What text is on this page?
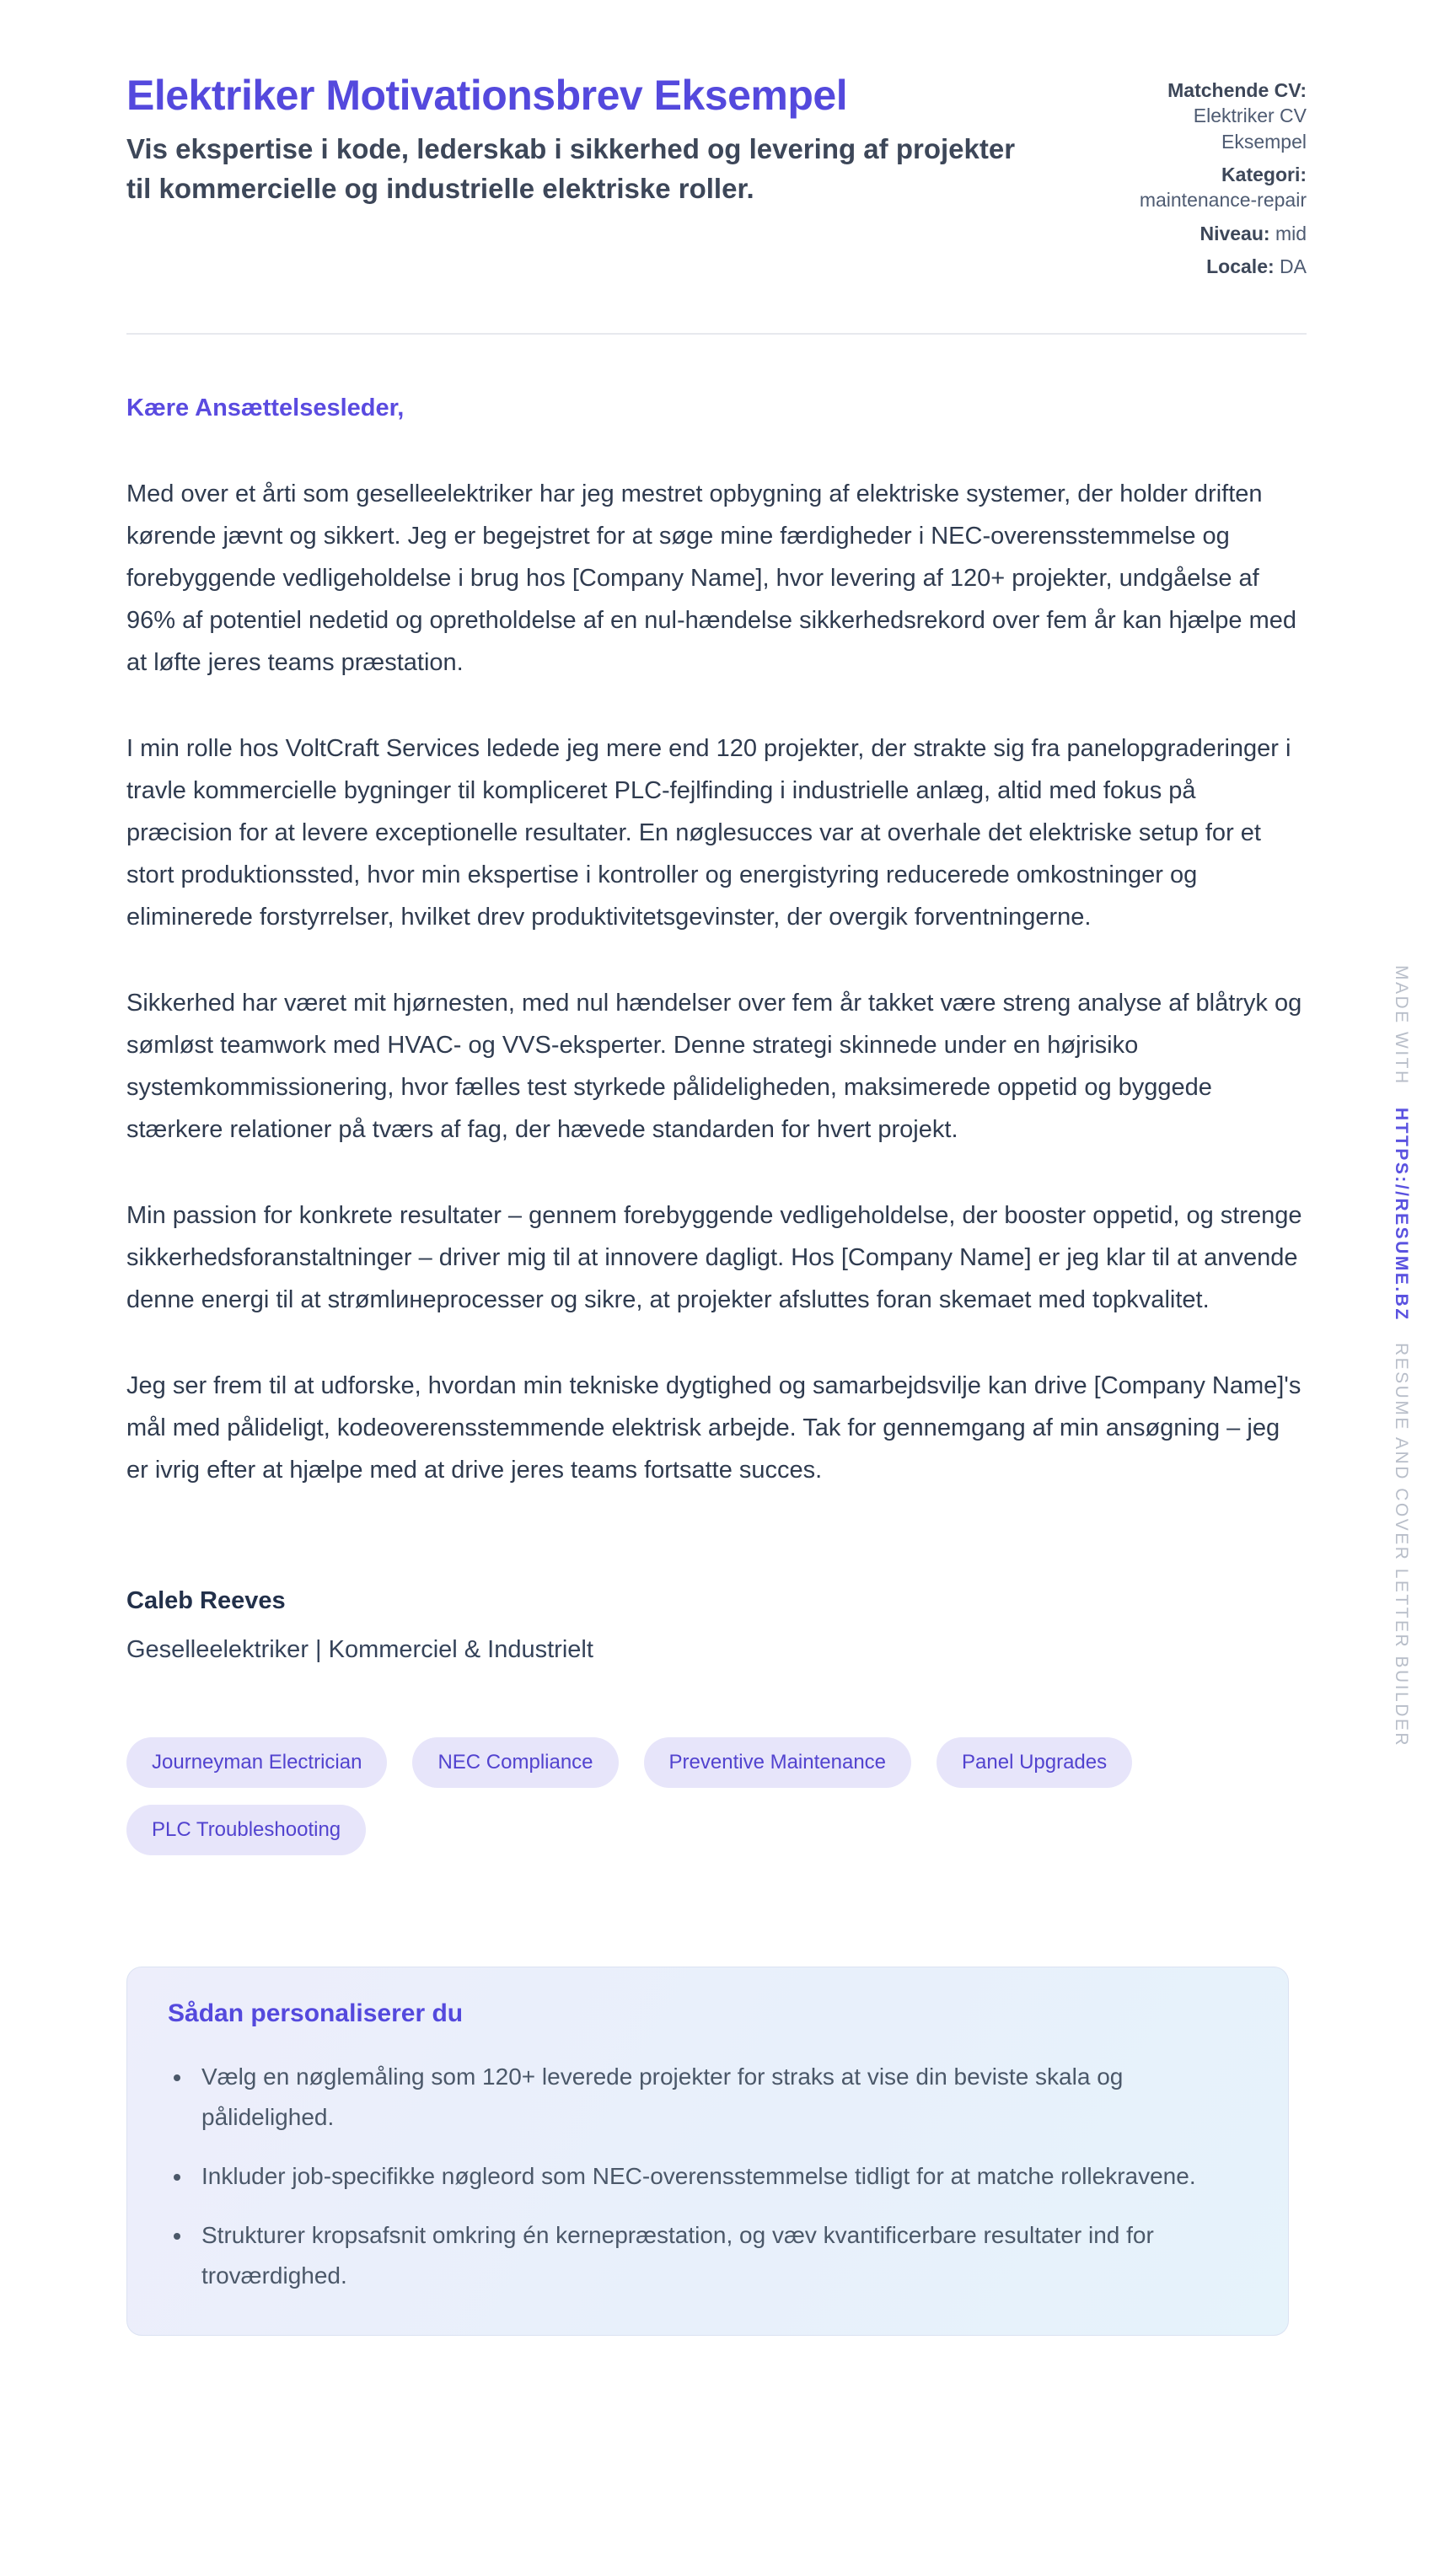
Elektriker Motivationsbrev Eksempel

Vis ekspertise i kode, lederskab i sikkerhed og levering af projekter til kommercielle og industrielle elektriske roller.

Matchende CV: Elektriker CV Eksempel
Kategori: maintenance-repair
Niveau: mid
Locale: DA

Kære Ansættelsesleder,

Med over et årti som geselleelektriker har jeg mestret opbygning af elektriske systemer, der holder driften kørende jævnt og sikkert. Jeg er begejstret for at søge mine færdigheder i NEC-overensstemmelse og forebyggende vedligeholdelse i brug hos [Company Name], hvor levering af 120+ projekter, undgåelse af 96% af potentiel nedetid og opretholdelse af en nul-hændelse sikkerhedsrekord over fem år kan hjælpe med at løfte jeres teams præstation.

I min rolle hos VoltCraft Services ledede jeg mere end 120 projekter, der strakte sig fra panelopgraderinger i travle kommercielle bygninger til kompliceret PLC-fejlfinding i industrielle anlæg, altid med fokus på præcision for at levere exceptionelle resultater. En nøglesucces var at overhale det elektriske setup for et stort produktionssted, hvor min ekspertise i kontroller og energistyring reducerede omkostninger og eliminerede forstyrrelser, hvilket drev produktivitetsgevinster, der overgik forventningerne.

Sikkerhed har været mit hjørnesten, med nul hændelser over fem år takket være streng analyse af blåtryk og sømløst teamwork med HVAC- og VVS-eksperter. Denne strategi skinnede under en højrisiko systemkommissionering, hvor fælles test styrkede pålideligheden, maksimerede oppetid og byggede stærkere relationer på tværs af fag, der hævede standarden for hvert projekt.

Min passion for konkrete resultater – gennem forebyggende vedligeholdelse, der booster oppetid, og strenge sikkerhedsforanstaltninger – driver mig til at innovere dagligt. Hos [Company Name] er jeg klar til at anvende denne energi til at strømlинeprocesser og sikre, at projekter afsluttes foran skemaet med topkvalitet.

Jeg ser frem til at udforske, hvordan min tekniske dygtighed og samarbejdsvilje kan drive [Company Name]'s mål med pålideligt, kodeoverensstemmende elektrisk arbejde. Tak for gennemgang af min ansøgning – jeg er ivrig efter at hjælpe med at drive jeres teams fortsatte succes.

Caleb Reeves

Geselleelektriker | Kommerciel & Industrielt

Journeyman Electrician	NEC Compliance	Preventive Maintenance	Panel Upgrades
PLC Troubleshooting
Sådan personaliserer du
• Vælg en nøglemåling som 120+ leverede projekter for straks at vise din beviste skala og pålidelighed.
• Inkluder job-specifikke nøgleord som NEC-overensstemmelse tidligt for at matche rollekravene.
• Strukturer kropsafsnit omkring én kernepræstation, og væv kvantificerbare resultater ind for troværdighed.
MADE WITH
HTTPS://RESUME.BZ
RESUME AND COVER LETTER BUILDER
